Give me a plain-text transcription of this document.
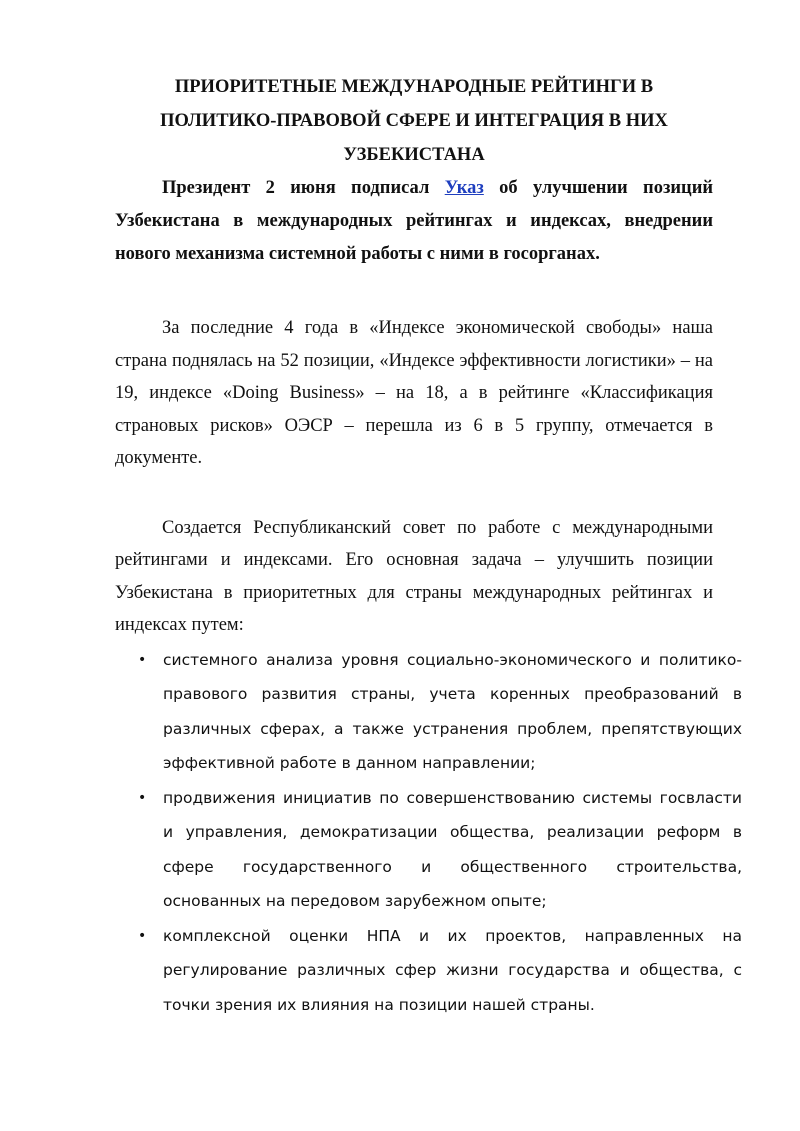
ПРИОРИТЕТНЫЕ МЕЖДУНАРОДНЫЕ РЕЙТИНГИ В
ПОЛИТИКО-ПРАВОВОЙ СФЕРЕ И ИНТЕГРАЦИЯ В НИХ
УЗБЕКИСТАНА

Президент 2 июня подписал Указ об улучшении позиций Узбекистана в международных рейтингах и индексах, внедрении нового механизма системной работы с ними в госорганах.

За последние 4 года в «Индексе экономической свободы» наша страна поднялась на 52 позиции, «Индексе эффективности логистики» – на 19, индексе «Doing Business» – на 18, а в рейтинге «Классификация страновых рисков» ОЭСР – перешла из 6 в 5 группу, отмечается в документе.

Создается Республиканский совет по работе с международными рейтингами и индексами. Его основная задача – улучшить позиции Узбекистана в приоритетных для страны международных рейтингах и индексах путем:

• системного анализа уровня социально-экономического и политико-правового развития страны, учета коренных преобразований в различных сферах, а также устранения проблем, препятствующих эффективной работе в данном направлении;
• продвижения инициатив по совершенствованию системы госвласти и управления, демократизации общества, реализации реформ в сфере государственного и общественного строительства, основанных на передовом зарубежном опыте;
• комплексной оценки НПА и их проектов, направленных на регулирование различных сфер жизни государства и общества, с точки зрения их влияния на позиции нашей страны.
